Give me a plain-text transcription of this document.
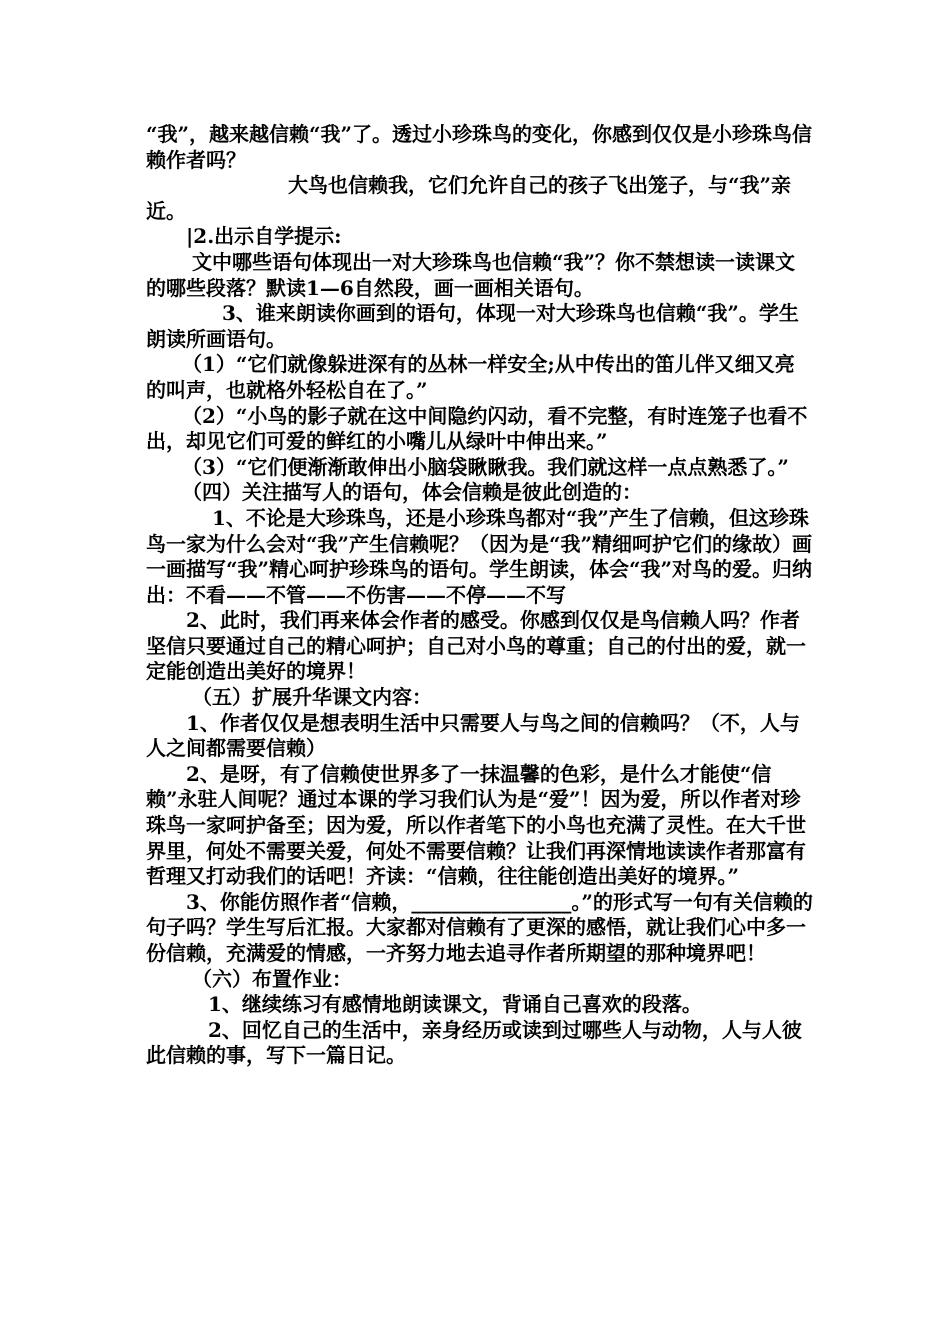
“我”，越来越信赖“我”了。透过小珍珠鸟的变化，你感到仅仅是小珍珠鸟信赖作者吗？

大鸟也信赖我，它们允许自己的孩子飞出笼子，与“我”亲近。

|2.出示自学提示:

文中哪些语句体现出一对大珍珠鸟也信赖“我”？你不禁想读一读课文的哪些段落？默读1—6自然段，画一画相关语句。

3、谁来朗读你画到的语句，体现一对大珍珠鸟也信赖“我”。学生朗读所画语句。

（1）“它们就像躲进深有的丛林一样安全;从中传出的笛儿伴又细又亮的叫声，也就格外轻松自在了。”

（2）“小鸟的影子就在这中间隐约闪动，看不完整，有时连笼子也看不出，却见它们可爱的鲜红的小嘴儿从绿叶中伸出来。”

（3）“它们便渐渐敢伸出小脑袋瞅瞅我。我们就这样一点点熟悉了。”

（四）关注描写人的语句，体会信赖是彼此创造的：

1、不论是大珍珠鸟，还是小珍珠鸟都对“我”产生了信赖，但这珍珠鸟一家为什么会对“我”产生信赖呢？（因为是“我”精细呵护它们的缘故）画一画描写“我”精心呵护珍珠鸟的语句。学生朗读，体会“我”对鸟的爱。归纳出：不看——不管——不伤害——不停——不写

2、此时，我们再来体会作者的感受。你感到仅仅是鸟信赖人吗？作者坚信只要通过自己的精心呵护；自己对小鸟的尊重；自己的付出的爱，就一定能创造出美好的境界！

（五）扩展升华课文内容：

1、作者仅仅是想表明生活中只需要人与鸟之间的信赖吗？（不，人与人之间都需要信赖）

2、是呀，有了信赖使世界多了一抹温馨的色彩，是什么才能使“信赖”永驻人间呢？通过本课的学习我们认为是“爱”！因为爱，所以作者对珍珠鸟一家呵护备至；因为爱，所以作者笔下的小鸟也充满了灵性。在大千世界里，何处不需要关爱，何处不需要信赖？让我们再深情地读读作者那富有哲理又打动我们的话吧！齐读：“信赖，往往能创造出美好的境界。”

3、你能仿照作者“信赖，________________。”的形式写一句有关信赖的句子吗？学生写后汇报。大家都对信赖有了更深的感悟，就让我们心中多一份信赖，充满爱的情感，一齐努力地去追寻作者所期望的那种境界吧！

（六）布置作业：

1、继续练习有感情地朗读课文，背诵自己喜欢的段落。

2、回忆自己的生活中，亲身经历或读到过哪些人与动物，人与人彼此信赖的事，写下一篇日记。
